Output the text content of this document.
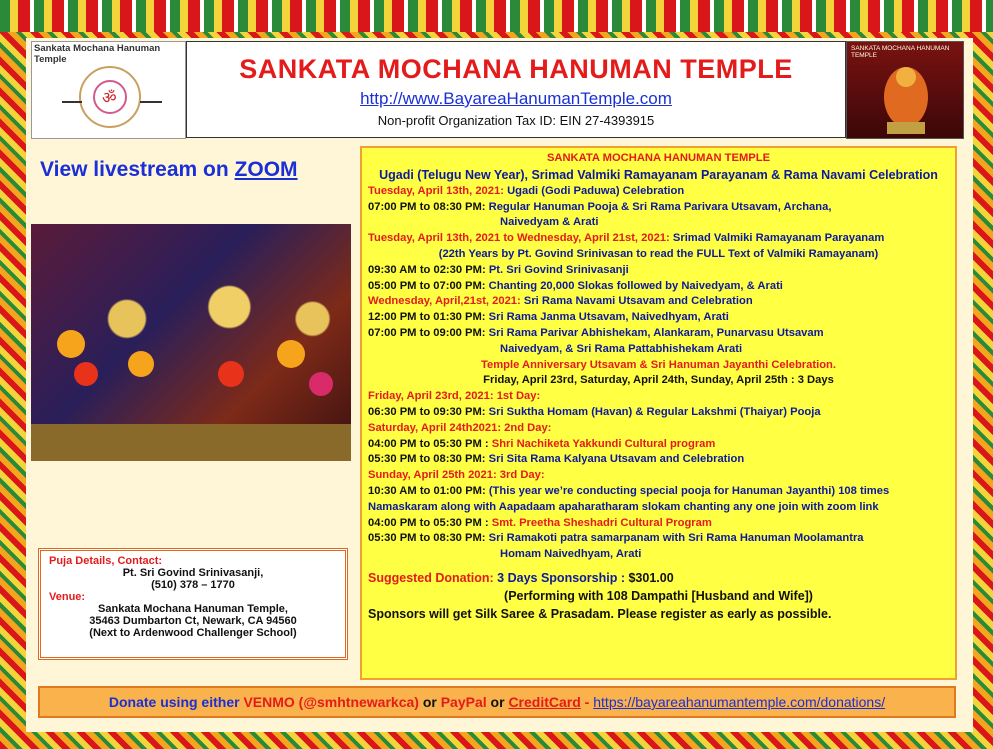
Sankata Mochana Hanuman Temple
ॐ
SANKATA MOCHANA HANUMAN TEMPLE
http://www.BayareaHanumanTemple.com
Non-profit Organization Tax ID: EIN 27-4393915
SANKATA MOCHANA HANUMAN TEMPLE
View livestream on ZOOM
Puja Details, Contact:
Pt. Sri Govind Srinivasanji,
(510) 378 – 1770
Venue:
Sankata Mochana Hanuman Temple,
35463 Dumbarton Ct, Newark, CA 94560
(Next to Ardenwood Challenger School)
SANKATA MOCHANA HANUMAN TEMPLE
Ugadi (Telugu New Year), Srimad Valmiki Ramayanam Parayanam & Rama Navami Celebration
Tuesday, April 13th, 2021: Ugadi (Godi Paduwa) Celebration
07:00 PM to 08:30 PM: Regular Hanuman Pooja & Sri Rama Parivara Utsavam, Archana,
Naivedyam & Arati
Tuesday, April 13th, 2021 to Wednesday, April 21st, 2021: Srimad Valmiki Ramayanam Parayanam
(22th Years by Pt. Govind Srinivasan to read the FULL Text of Valmiki Ramayanam)
09:30 AM to 02:30 PM: Pt. Sri Govind Srinivasanji
05:00 PM to 07:00 PM: Chanting 20,000 Slokas followed by Naivedyam, & Arati
Wednesday, April,21st, 2021: Sri Rama Navami Utsavam and Celebration
12:00 PM to 01:30 PM: Sri Rama Janma Utsavam, Naivedhyam, Arati
07:00 PM to 09:00 PM: Sri Rama Parivar Abhishekam, Alankaram, Punarvasu Utsavam
Naivedyam, & Sri Rama Pattabhishekam Arati
Temple Anniversary Utsavam & Sri Hanuman Jayanthi Celebration.
Friday, April 23rd, Saturday, April 24th, Sunday, April 25th : 3 Days
Friday, April 23rd, 2021: 1st Day:
06:30 PM to 09:30 PM: Sri Suktha Homam (Havan) & Regular Lakshmi (Thaiyar) Pooja
Saturday, April 24th2021: 2nd Day:
04:00 PM to 05:30 PM : Shri Nachiketa Yakkundi Cultural program
05:30 PM to 08:30 PM: Sri Sita Rama Kalyana Utsavam and Celebration
Sunday, April 25th 2021: 3rd Day:
10:30 AM to 01:00 PM: (This year we’re conducting special pooja for Hanuman Jayanthi) 108 times
Namaskaram along with Aapadaam apaharatharam slokam chanting any one join with zoom link
04:00 PM to 05:30 PM : Smt. Preetha Sheshadri Cultural Program
05:30 PM to 08:30 PM: Sri Ramakoti patra samarpanam with Sri Rama Hanuman Moolamantra
Homam Naivedhyam, Arati
Suggested Donation: 3 Days Sponsorship : $301.00
(Performing with 108 Dampathi [Husband and Wife])
Sponsors will get Silk Saree & Prasadam. Please register as early as possible.
Donate using either VENMO (@smhtnewarkca) or PayPal or CreditCard - https://bayareahanumantemple.com/donations/
